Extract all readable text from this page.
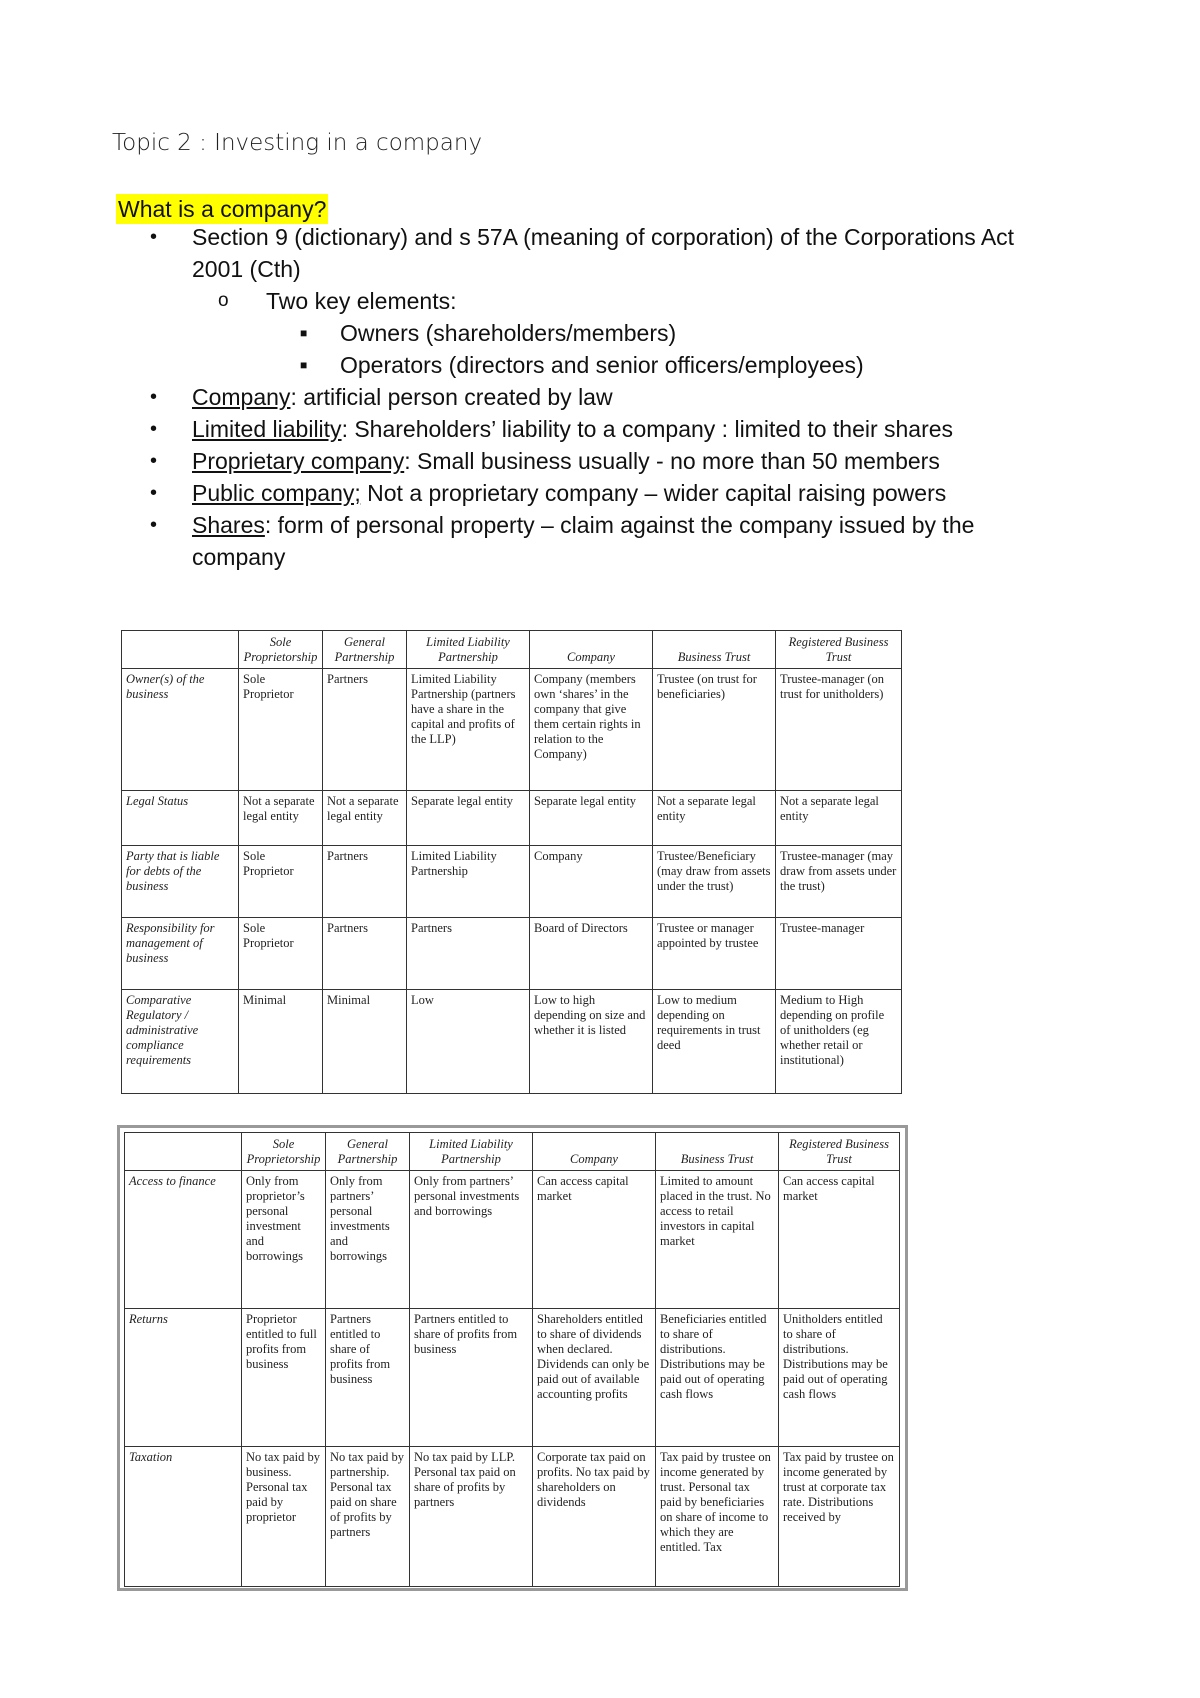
Topic 2 : Investing in a company
What is a company?
• Section 9 (dictionary) and s 57A (meaning of corporation) of the Corporations Act
2001 (Cth)
o Two key elements:
■ Owners (shareholders/members)
■ Operators (directors and senior officers/employees)
• Company: artificial person created by law
• Limited liability: Shareholders’ liability to a company : limited to their shares
• Proprietary company: Small business usually - no more than 50 members
• Public company; Not a proprietary company – wider capital raising powers
• Shares: form of personal property – claim against the company issued by the
company
	Sole Proprietorship	General Partnership	Limited Liability Partnership	Company	Business Trust	Registered Business Trust
Owner(s) of the business	Sole Proprietor	Partners	Limited Liability Partnership (partners have a share in the capital and profits of the LLP)	Company (members own ‘shares’ in the company that give them certain rights in relation to the Company)	Trustee (on trust for beneficiaries)	Trustee-manager (on trust for unitholders)
Legal Status	Not a separate legal entity	Not a separate legal entity	Separate legal entity	Separate legal entity	Not a separate legal entity	Not a separate legal entity
Party that is liable for debts of the business	Sole Proprietor	Partners	Limited Liability Partnership	Company	Trustee/Beneficiary (may draw from assets under the trust)	Trustee-manager (may draw from assets under the trust)
Responsibility for management of business	Sole Proprietor	Partners	Partners	Board of Directors	Trustee or manager appointed by trustee	Trustee-manager
Comparative Regulatory / administrative compliance requirements	Minimal	Minimal	Low	Low to high depending on size and whether it is listed	Low to medium depending on requirements in trust deed	Medium to High depending on profile of unitholders (eg whether retail or institutional)
	Sole Proprietorship	General Partnership	Limited Liability Partnership	Company	Business Trust	Registered Business Trust
Access to finance	Only from proprietor’s personal investment and borrowings	Only from partners’ personal investments and borrowings	Only from partners’ personal investments and borrowings	Can access capital market	Limited to amount placed in the trust. No access to retail investors in capital market	Can access capital market
Returns	Proprietor entitled to full profits from business	Partners entitled to share of profits from business	Partners entitled to share of profits from business	Shareholders entitled to share of dividends when declared. Dividends can only be paid out of available accounting profits	Beneficiaries entitled to share of distributions. Distributions may be paid out of operating cash flows	Unitholders entitled to share of distributions. Distributions may be paid out of operating cash flows
Taxation	No tax paid by business. Personal tax paid by proprietor	No tax paid by partnership. Personal tax paid on share of profits by partners	No tax paid by LLP. Personal tax paid on share of profits by partners	Corporate tax paid on profits. No tax paid by shareholders on dividends	Tax paid by trustee on income generated by trust. Personal tax paid by beneficiaries on share of income to which they are entitled. Tax	Tax paid by trustee on income generated by trust at corporate tax rate. Distributions received by
